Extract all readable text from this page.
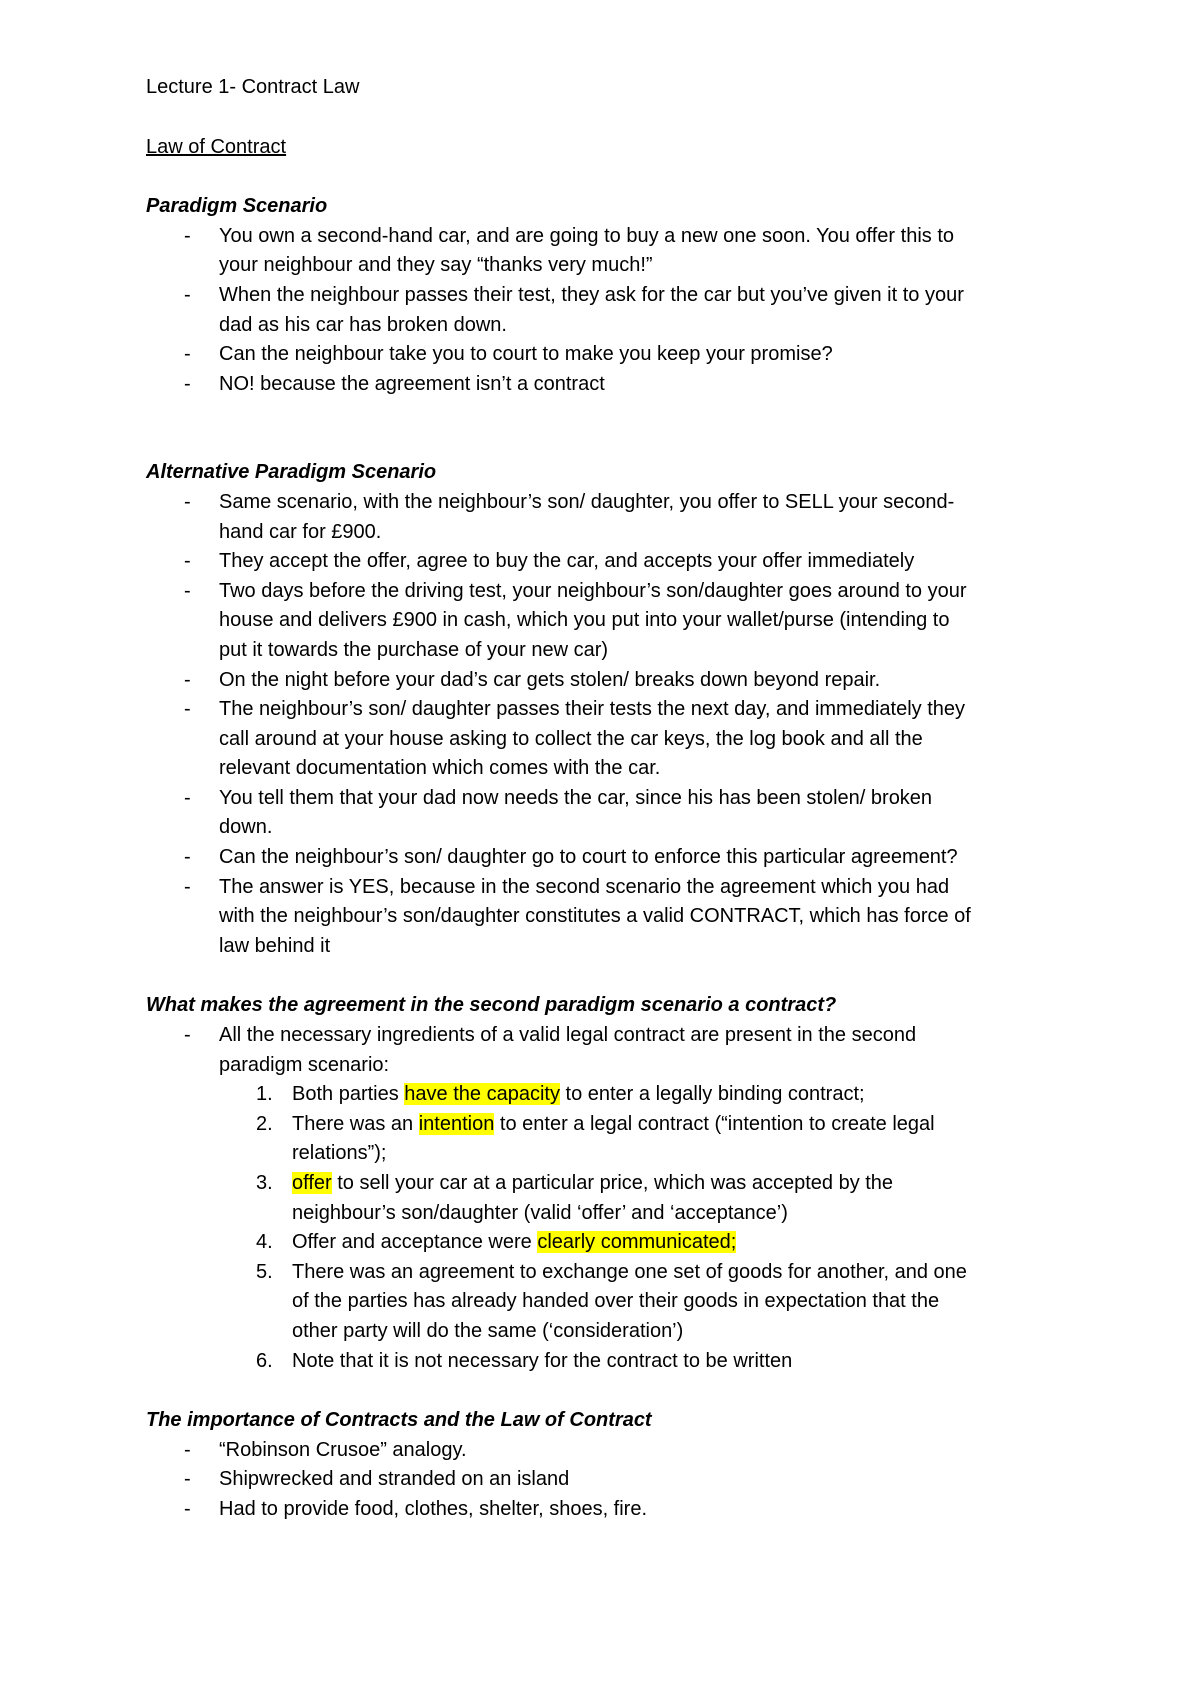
Lecture 1- Contract Law

Law of Contract

Paradigm Scenario

- You own a second-hand car, and are going to buy a new one soon. You offer this to
your neighbour and they say “thanks very much!”
- When the neighbour passes their test, they ask for the car but you’ve given it to your
dad as his car has broken down.
- Can the neighbour take you to court to make you keep your promise?
- NO! because the agreement isn’t a contract

Alternative Paradigm Scenario

- Same scenario, with the neighbour’s son/ daughter, you offer to SELL your second-
hand car for £900.
- They accept the offer, agree to buy the car, and accepts your offer immediately
- Two days before the driving test, your neighbour’s son/daughter goes around to your
house and delivers £900 in cash, which you put into your wallet/purse (intending to
put it towards the purchase of your new car)
- On the night before your dad’s car gets stolen/ breaks down beyond repair.
- The neighbour’s son/ daughter passes their tests the next day, and immediately they
call around at your house asking to collect the car keys, the log book and all the
relevant documentation which comes with the car.
- You tell them that your dad now needs the car, since his has been stolen/ broken
down.
- Can the neighbour’s son/ daughter go to court to enforce this particular agreement?
- The answer is YES, because in the second scenario the agreement which you had
with the neighbour’s son/daughter constitutes a valid CONTRACT, which has force of
law behind it

What makes the agreement in the second paradigm scenario a contract?

- All the necessary ingredients of a valid legal contract are present in the second
paradigm scenario:
1. Both parties have the capacity to enter a legally binding contract;
2. There was an intention to enter a legal contract (“intention to create legal
relations”);
3. offer to sell your car at a particular price, which was accepted by the
neighbour’s son/daughter (valid ‘offer’ and ‘acceptance’)
4. Offer and acceptance were clearly communicated;
5. There was an agreement to exchange one set of goods for another, and one
of the parties has already handed over their goods in expectation that the
other party will do the same (‘consideration’)
6. Note that it is not necessary for the contract to be written

The importance of Contracts and the Law of Contract

- “Robinson Crusoe” analogy.
- Shipwrecked and stranded on an island
- Had to provide food, clothes, shelter, shoes, fire.
